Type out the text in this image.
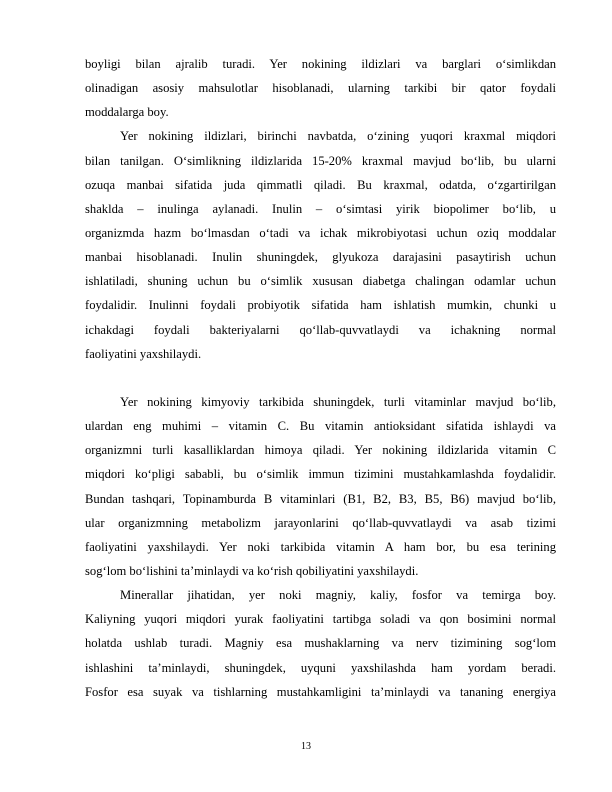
boyligi bilan ajralib turadi. Yer nokining ildizlari va barglari o‘simlikdan
olinadigan asosiy mahsulotlar hisoblanadi, ularning tarkibi bir qator foydali
moddalarga boy.
Yer nokining ildizlari, birinchi navbatda, o‘zining yuqori kraxmal miqdori
bilan tanilgan. O‘simlikning ildizlarida 15-20% kraxmal mavjud bo‘lib, bu ularni
ozuqa manbai sifatida juda qimmatli qiladi. Bu kraxmal, odatda, o‘zgartirilgan
shaklda – inulinga aylanadi. Inulin – o‘simtasi yirik biopolimer bo‘lib, u
organizmda hazm bo‘lmasdan o‘tadi va ichak mikrobiyotasi uchun oziq moddalar
manbai hisoblanadi. Inulin shuningdek, glyukoza darajasini pasaytirish uchun
ishlatiladi, shuning uchun bu o‘simlik xususan diabetga chalingan odamlar uchun
foydalidir. Inulinni foydali probiyotik sifatida ham ishlatish mumkin, chunki u
ichakdagi foydali bakteriyalarni qo‘llab-quvvatlaydi va ichakning normal
faoliyatini yaxshilaydi.
Yer nokining kimyoviy tarkibida shuningdek, turli vitaminlar mavjud bo‘lib,
ulardan eng muhimi – vitamin C. Bu vitamin antioksidant sifatida ishlaydi va
organizmni turli kasalliklardan himoya qiladi. Yer nokining ildizlarida vitamin C
miqdori ko‘pligi sababli, bu o‘simlik immun tizimini mustahkamlashda foydalidir.
Bundan tashqari, Topinamburda B vitaminlari (B1, B2, B3, B5, B6) mavjud bo‘lib,
ular organizmning metabolizm jarayonlarini qo‘llab-quvvatlaydi va asab tizimi
faoliyatini yaxshilaydi. Yer noki tarkibida vitamin A ham bor, bu esa terining
sog‘lom bo‘lishini ta’minlaydi va ko‘rish qobiliyatini yaxshilaydi.
Minerallar jihatidan, yer noki magniy, kaliy, fosfor va temirga boy.
Kaliyning yuqori miqdori yurak faoliyatini tartibga soladi va qon bosimini normal
holatda ushlab turadi. Magniy esa mushaklarning va nerv tizimining sog‘lom
ishlashini ta’minlaydi, shuningdek, uyquni yaxshilashda ham yordam beradi.
Fosfor esa suyak va tishlarning mustahkamligini ta’minlaydi va tananing energiya
13
